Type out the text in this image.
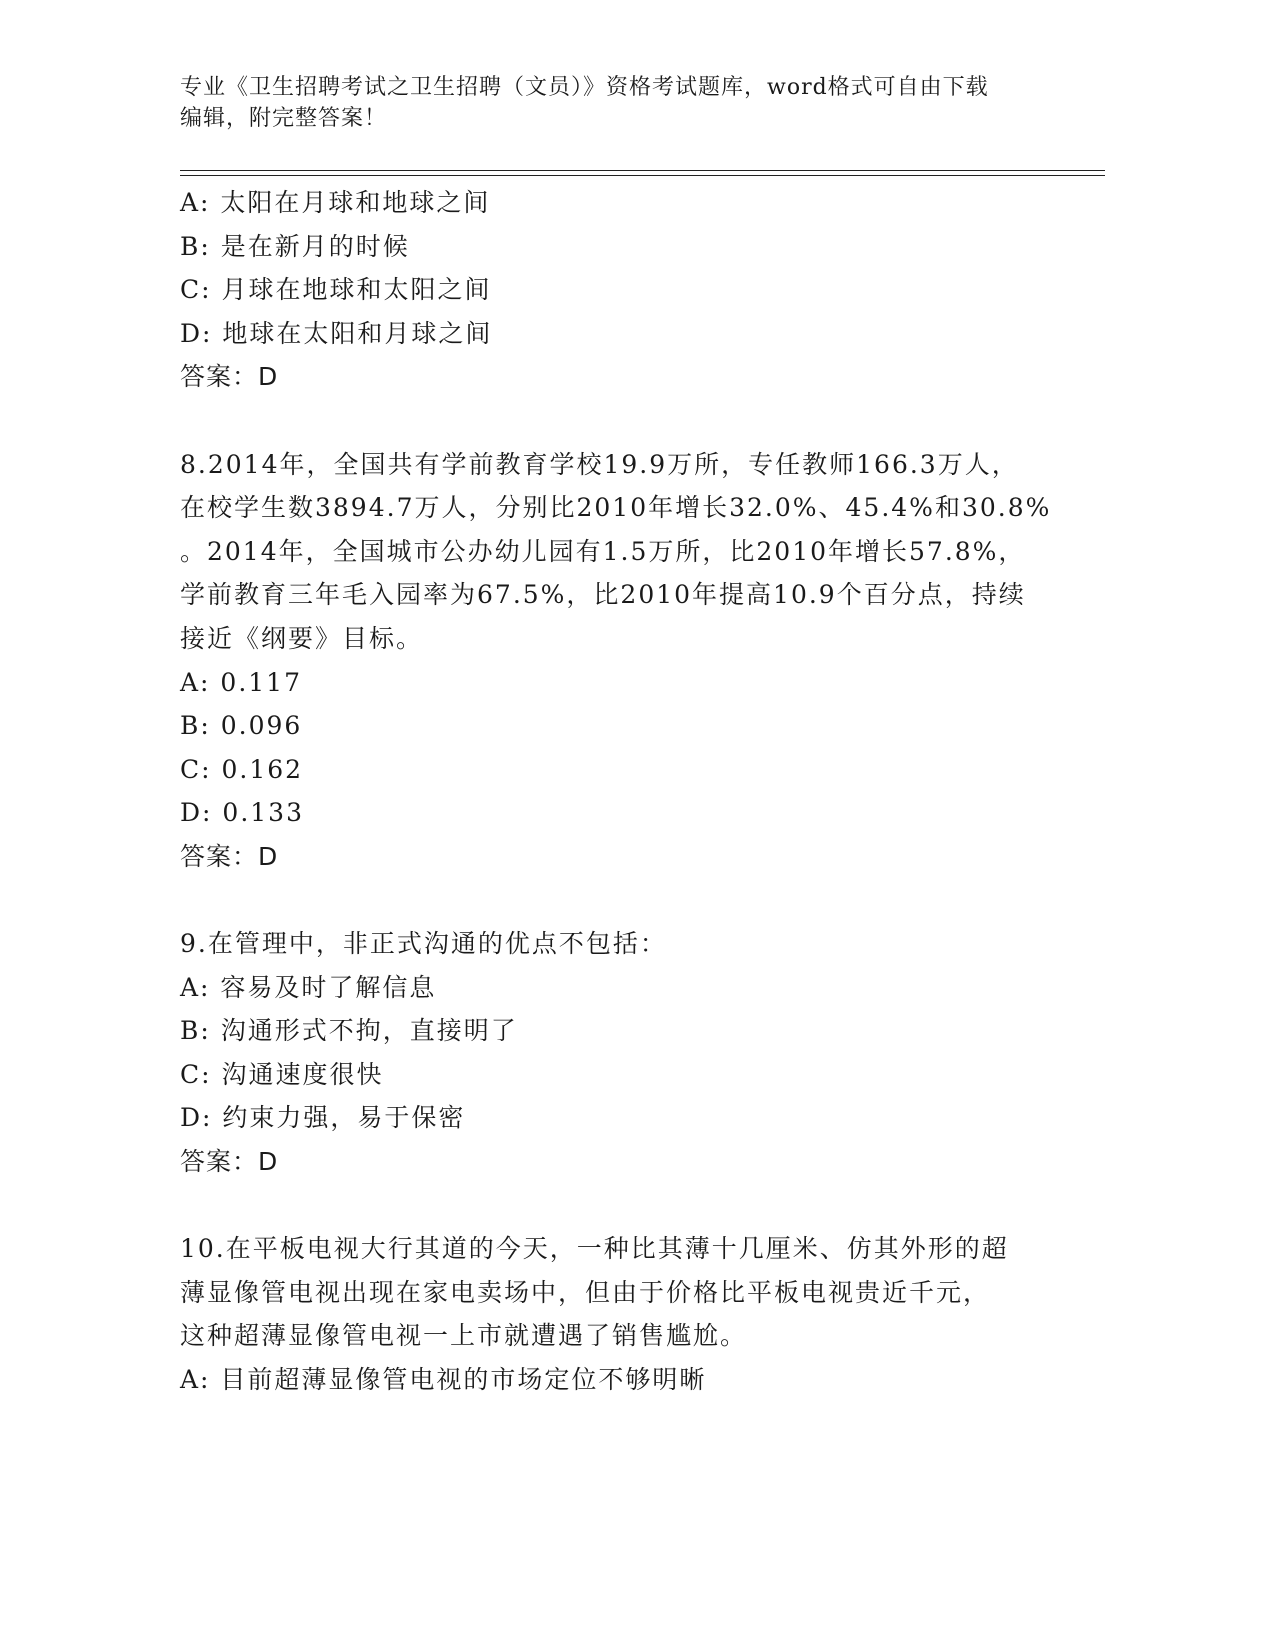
专业《卫生招聘考试之卫生招聘（文员）》资格考试题库，word格式可自由下载
编辑，附完整答案！
A: 太阳在月球和地球之间
B: 是在新月的时候
C: 月球在地球和太阳之间
D: 地球在太阳和月球之间
答案：D
8.2014年，全国共有学前教育学校19.9万所，专任教师166.3万人，
在校学生数3894.7万人，分别比2010年增长32.0%、45.4%和30.8%
。2014年，全国城市公办幼儿园有1.5万所，比2010年增长57.8%，
学前教育三年毛入园率为67.5%，比2010年提高10.9个百分点，持续
接近《纲要》目标。
A: 0.117
B: 0.096
C: 0.162
D: 0.133
答案：D
9.在管理中，非正式沟通的优点不包括：
A: 容易及时了解信息
B: 沟通形式不拘，直接明了
C: 沟通速度很快
D: 约束力强，易于保密
答案：D
10.在平板电视大行其道的今天，一种比其薄十几厘米、仿其外形的超
薄显像管电视出现在家电卖场中，但由于价格比平板电视贵近千元，
这种超薄显像管电视一上市就遭遇了销售尴尬。
A: 目前超薄显像管电视的市场定位不够明晰
